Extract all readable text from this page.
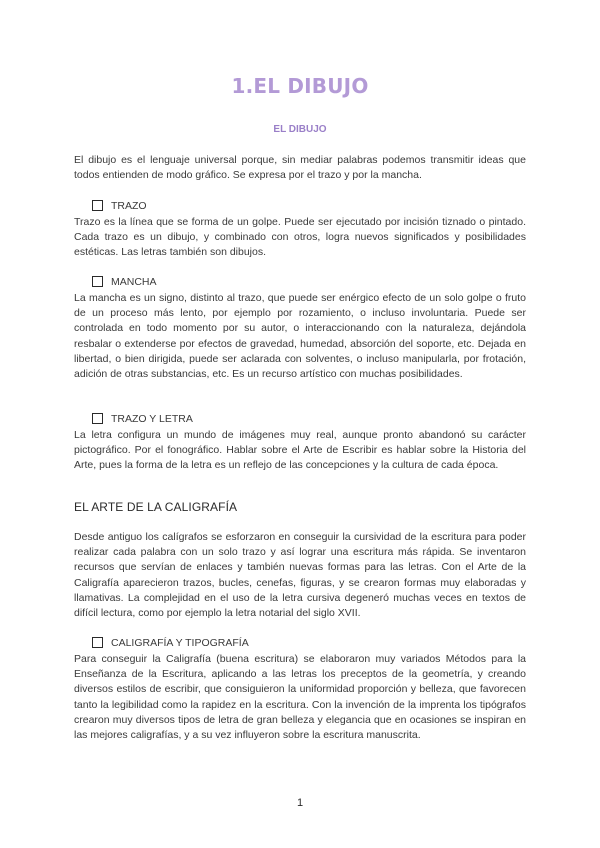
1.EL DIBUJO
EL DIBUJO

El dibujo es el lenguaje universal porque, sin mediar palabras podemos transmitir ideas que todos entienden de modo gráfico. Se expresa por el trazo y por la mancha.

TRAZO

Trazo es la línea que se forma de un golpe. Puede ser ejecutado por incisión tiznado o pintado. Cada trazo es un dibujo, y combinado con otros, logra nuevos significados y posibilidades estéticas. Las letras también son dibujos.

MANCHA

La mancha es un signo, distinto al trazo, que puede ser enérgico efecto de un solo golpe o fruto de un proceso más lento, por ejemplo por rozamiento, o incluso involuntaria. Puede ser controlada en todo momento por su autor, o interaccionando con la naturaleza, dejándola resbalar o extenderse por efectos de gravedad, humedad, absorción del soporte, etc. Dejada en libertad, o bien dirigida, puede ser aclarada con solventes, o incluso manipularla, por frotación, adición de otras substancias, etc. Es un recurso artístico con muchas posibilidades.

TRAZO Y LETRA

La letra configura un mundo de imágenes muy real, aunque pronto abandonó su carácter pictográfico. Por el fonográfico. Hablar sobre el Arte de Escribir es hablar sobre la Historia del Arte, pues la forma de la letra es un reflejo de las concepciones y la cultura de cada época.

EL ARTE DE LA CALIGRAFÍA

Desde antiguo los calígrafos se esforzaron en conseguir la cursividad de la escritura para poder realizar cada palabra con un solo trazo y así lograr una escritura más rápida. Se inventaron recursos que servían de enlaces y también nuevas formas para las letras. Con el Arte de la Caligrafía aparecieron trazos, bucles, cenefas, figuras, y se crearon formas muy elaboradas y llamativas. La complejidad en el uso de la letra cursiva degeneró muchas veces en textos de difícil lectura, como por ejemplo la letra notarial del siglo XVII.

CALIGRAFÍA Y TIPOGRAFÍA

Para conseguir la Caligrafía (buena escritura) se elaboraron muy variados Métodos para la Enseñanza de la Escritura, aplicando a las letras los preceptos de la geometría, y creando diversos estilos de escribir, que consiguieron la uniformidad proporción y belleza, que favorecen tanto la legibilidad como la rapidez en la escritura. Con la invención de la imprenta los tipógrafos crearon muy diversos tipos de letra de gran belleza y elegancia que en ocasiones se inspiran en las mejores caligrafías, y a su vez influyeron sobre la escritura manuscrita.

1
